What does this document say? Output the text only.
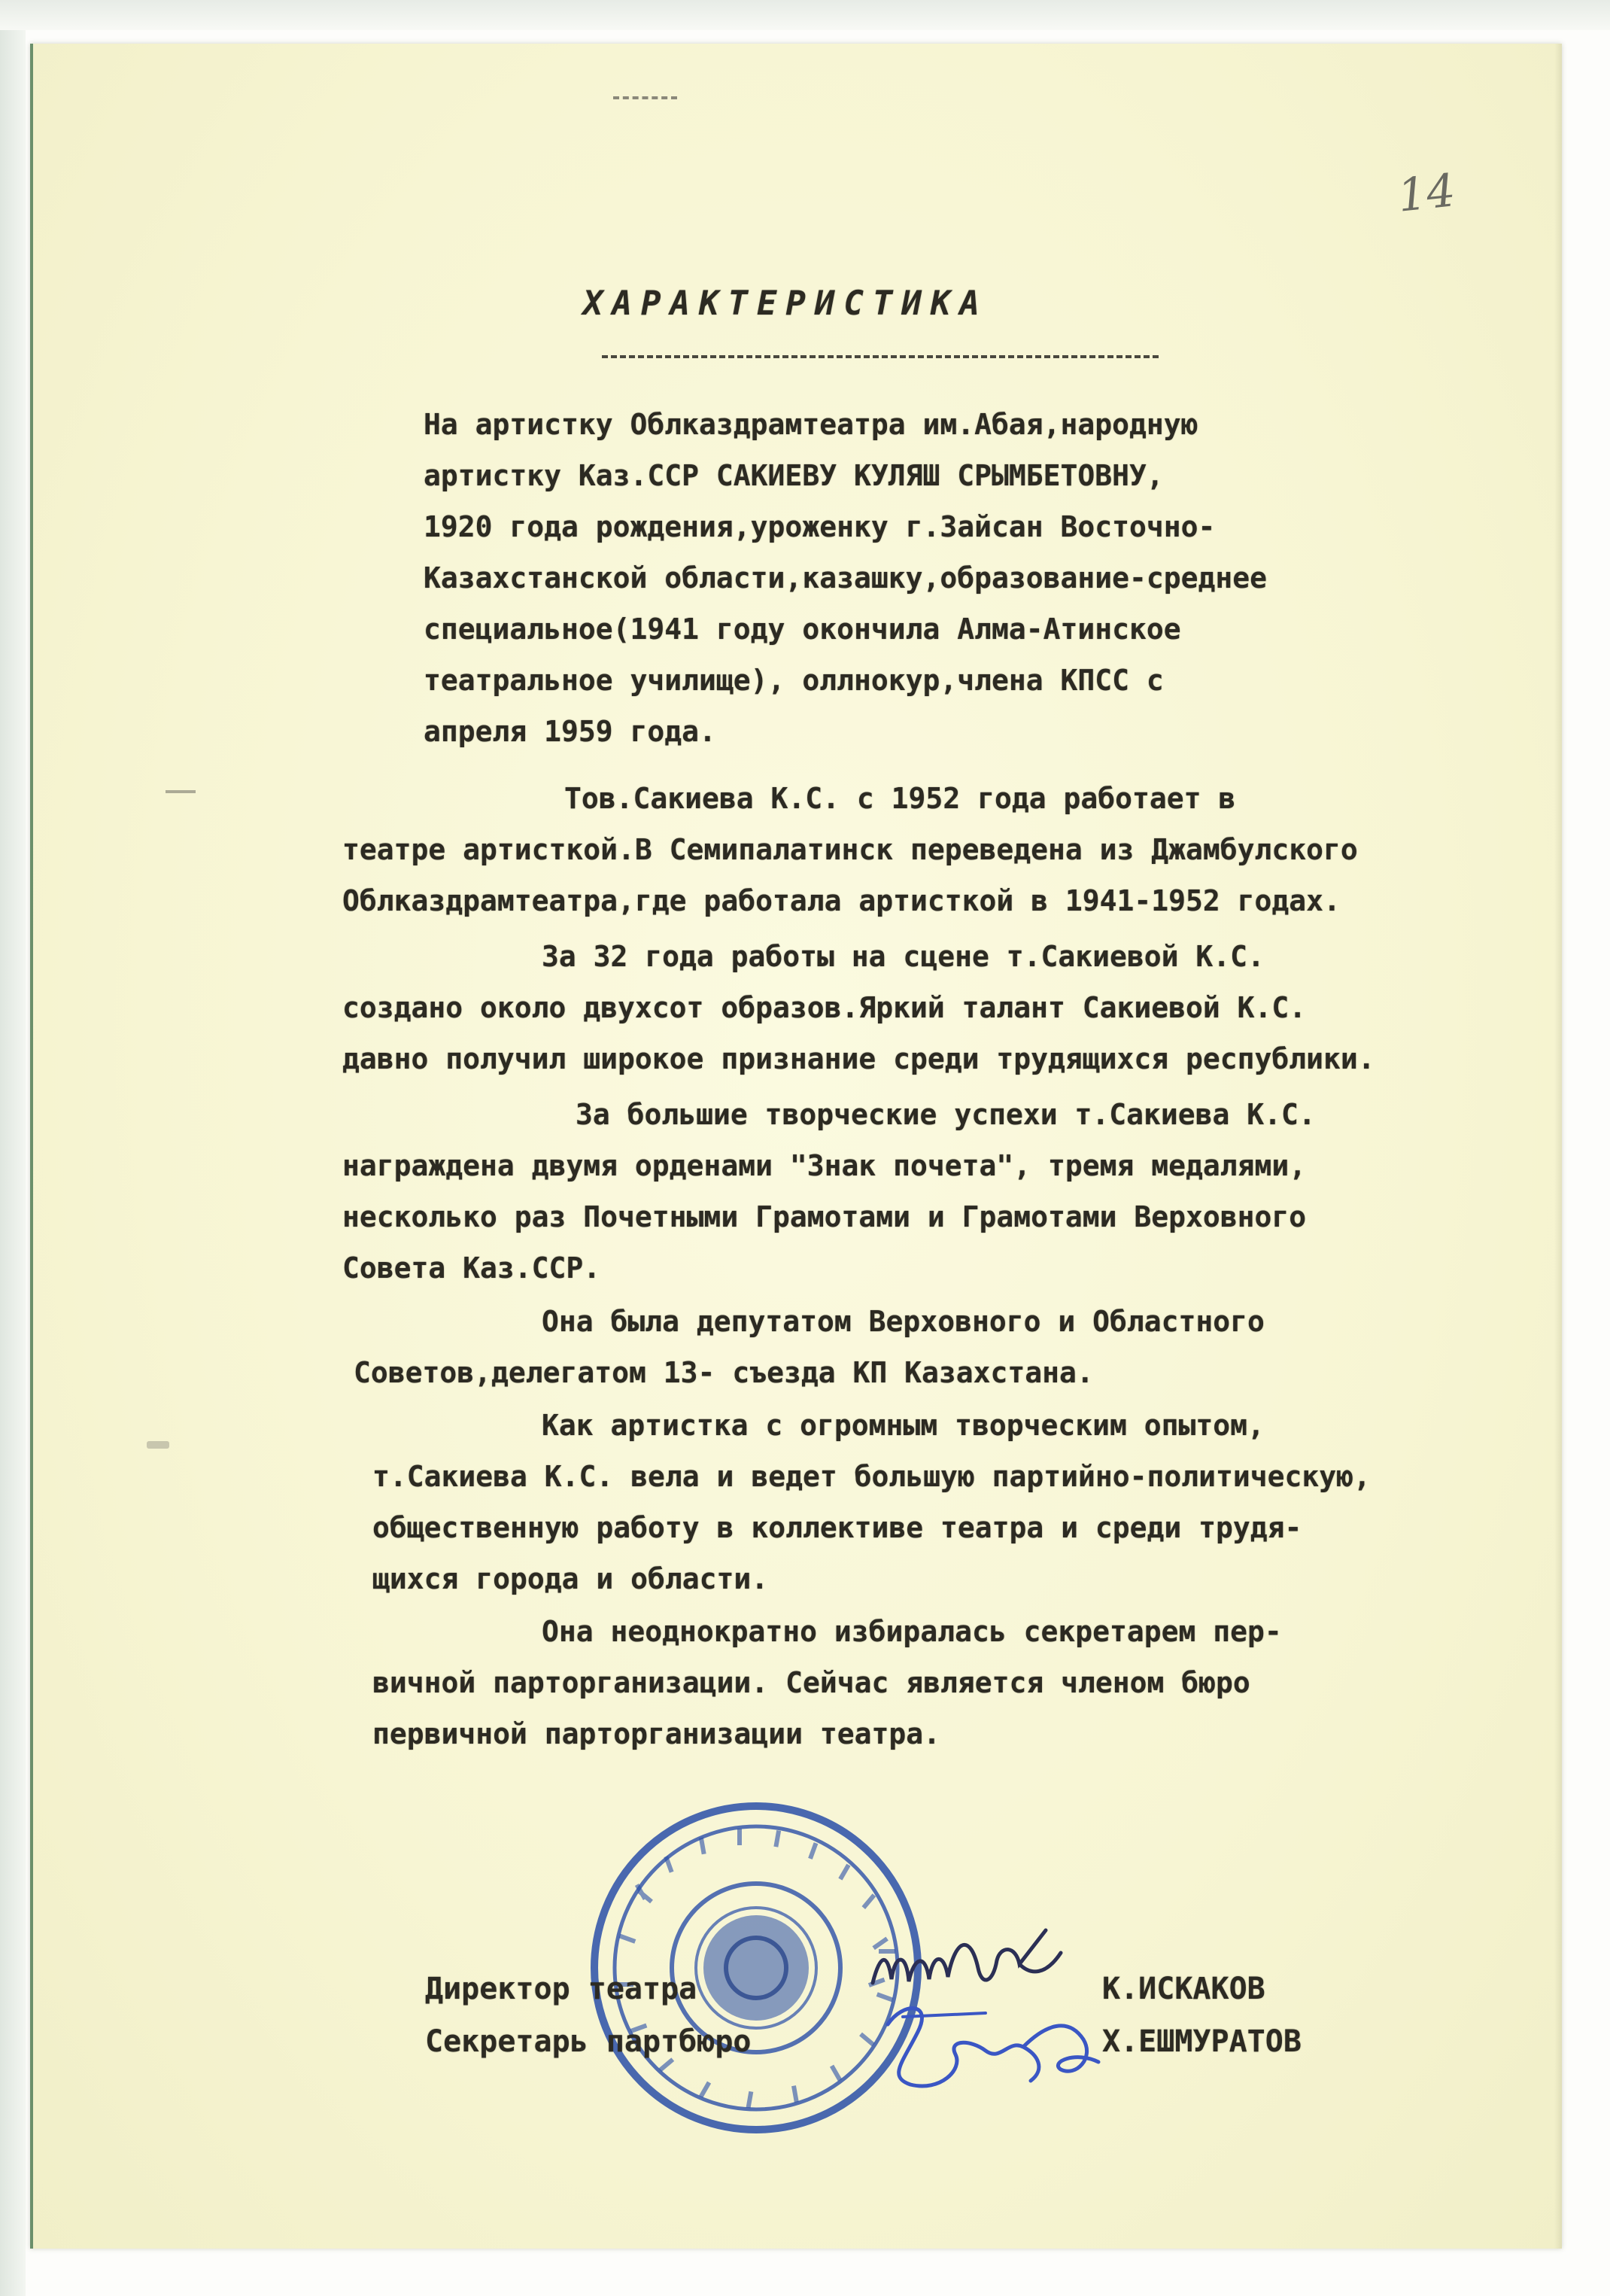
14
ХАРАКТЕРИСТИКА
На артистку Облказдрамтеатра им.Абая,народную
артистку Каз.ССР САКИЕВУ КУЛЯШ СРЫМБЕТОВНУ,
1920 года рождения,уроженку г.Зайсан Восточно-
Казахстанской области,казашку,образование-среднее
специальное(1941 году окончила Алма-Атинское
театральное училище), оллнокур,члена КПСС с
апреля 1959 года.
Тов.Сакиева К.С. с 1952 года работает в
театре артисткой.В Семипалатинск переведена из Джамбулского
Облказдрамтеатра,где работала артисткой в 1941-1952 годах.
За 32 года работы на сцене т.Сакиевой К.С.
создано около двухсот образов.Яркий талант Сакиевой К.С.
давно получил широкое признание среди трудящихся республики.
За большие творческие успехи т.Сакиева К.С.
награждена двумя орденами "Знак почета", тремя медалями,
несколько раз Почетными Грамотами и Грамотами Верховного
Совета Каз.ССР.
Она была депутатом Верховного и Областного
Советов,делегатом 13- съезда КП Казахстана.
Как артистка с огромным творческим опытом,
т.Сакиева К.С. вела и ведет большую партийно-политическую,
общественную работу в коллективе театра и среди трудя-
щихся города и области.
Она неоднократно избиралась секретарем пер-
вичной парторганизации. Сейчас является членом бюро
первичной парторганизации театра.
Директор театра	К.ИСКАКОВ
Секретарь партбюро	Х.ЕШМУРАТОВ
